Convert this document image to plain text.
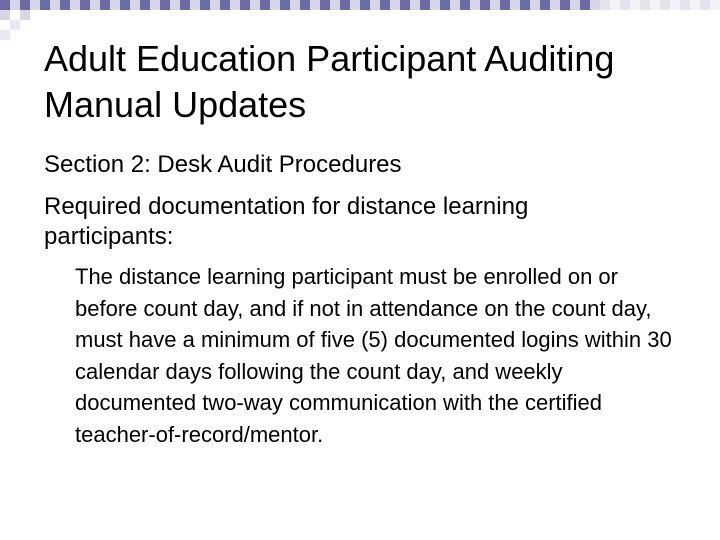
Adult Education Participant Auditing Manual Updates

Section 2: Desk Audit Procedures

Required documentation for distance learning participants:

The distance learning participant must be enrolled on or before count day, and if not in attendance on the count day, must have a minimum of five (5) documented logins within 30 calendar days following the count day, and weekly documented two-way communication with the certified teacher-of-record/mentor.
